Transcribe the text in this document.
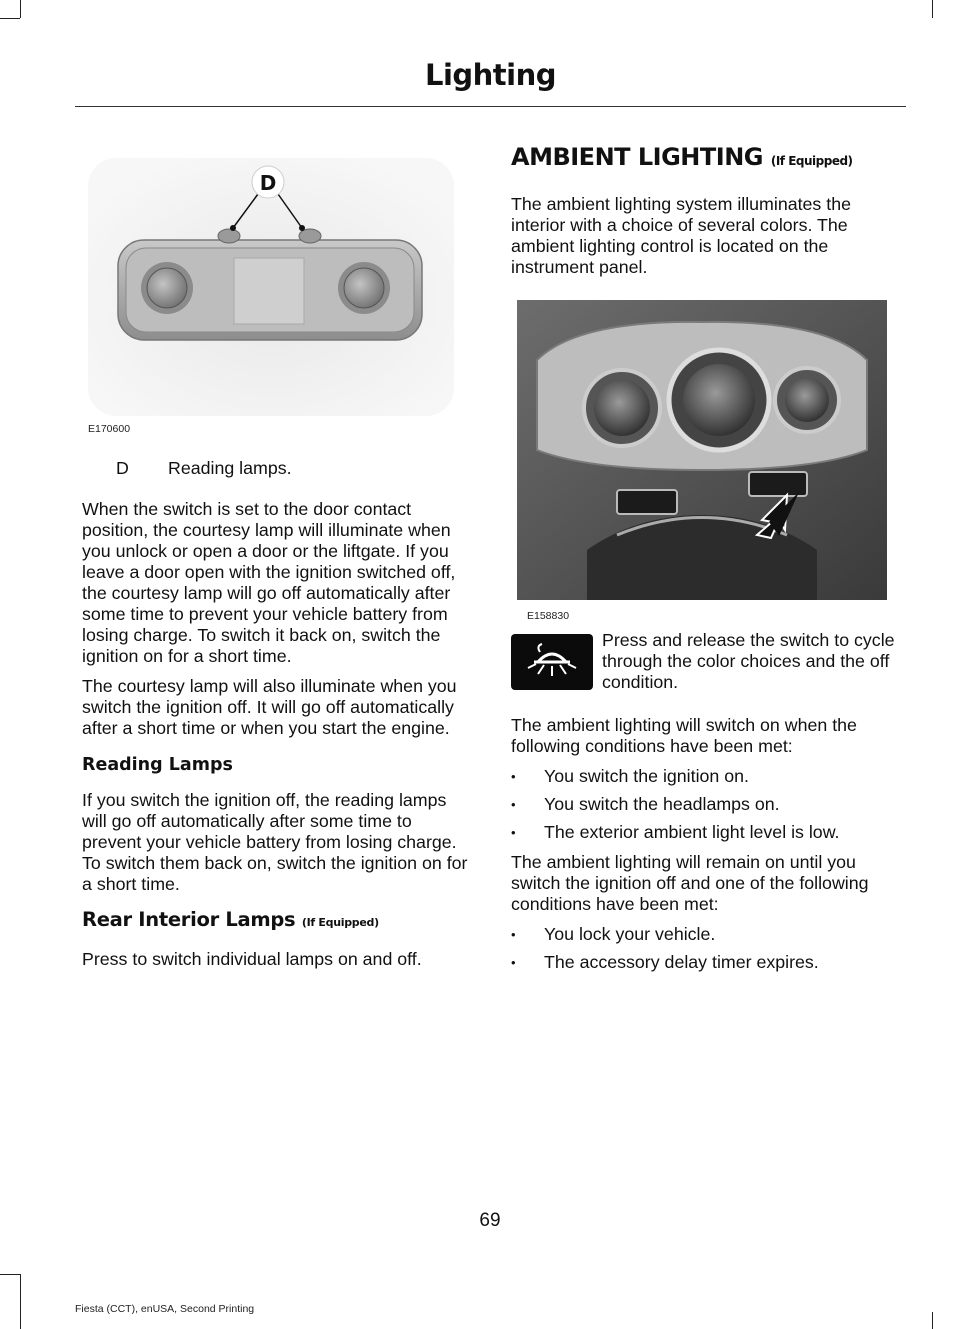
Lighting
D
E170600
D	Reading lamps.

When the switch is set to the door contact position, the courtesy lamp will illuminate when you unlock or open a door or the liftgate. If you leave a door open with the ignition switched off, the courtesy lamp will go off automatically after some time to prevent your vehicle battery from losing charge. To switch it back on, switch the ignition on for a short time.

The courtesy lamp will also illuminate when you switch the ignition off. It will go off automatically after a short time or when you start the engine.

Reading Lamps

If you switch the ignition off, the reading lamps will go off automatically after some time to prevent your vehicle battery from losing charge. To switch them back on, switch the ignition on for a short time.

Rear Interior Lamps (If Equipped)

Press to switch individual lamps on and off.

AMBIENT LIGHTING (If Equipped)

The ambient lighting system illuminates the interior with a choice of several colors. The ambient lighting control is located on the instrument panel.

E158830
Press and release the switch to cycle through the color choices and the off condition.

The ambient lighting will switch on when the following conditions have been met:

• You switch the ignition on.
• You switch the headlamps on.
• The exterior ambient light level is low.

The ambient lighting will remain on until you switch the ignition off and one of the following conditions have been met:

• You lock your vehicle.
• The accessory delay timer expires.
69
Fiesta (CCT), enUSA, Second Printing
